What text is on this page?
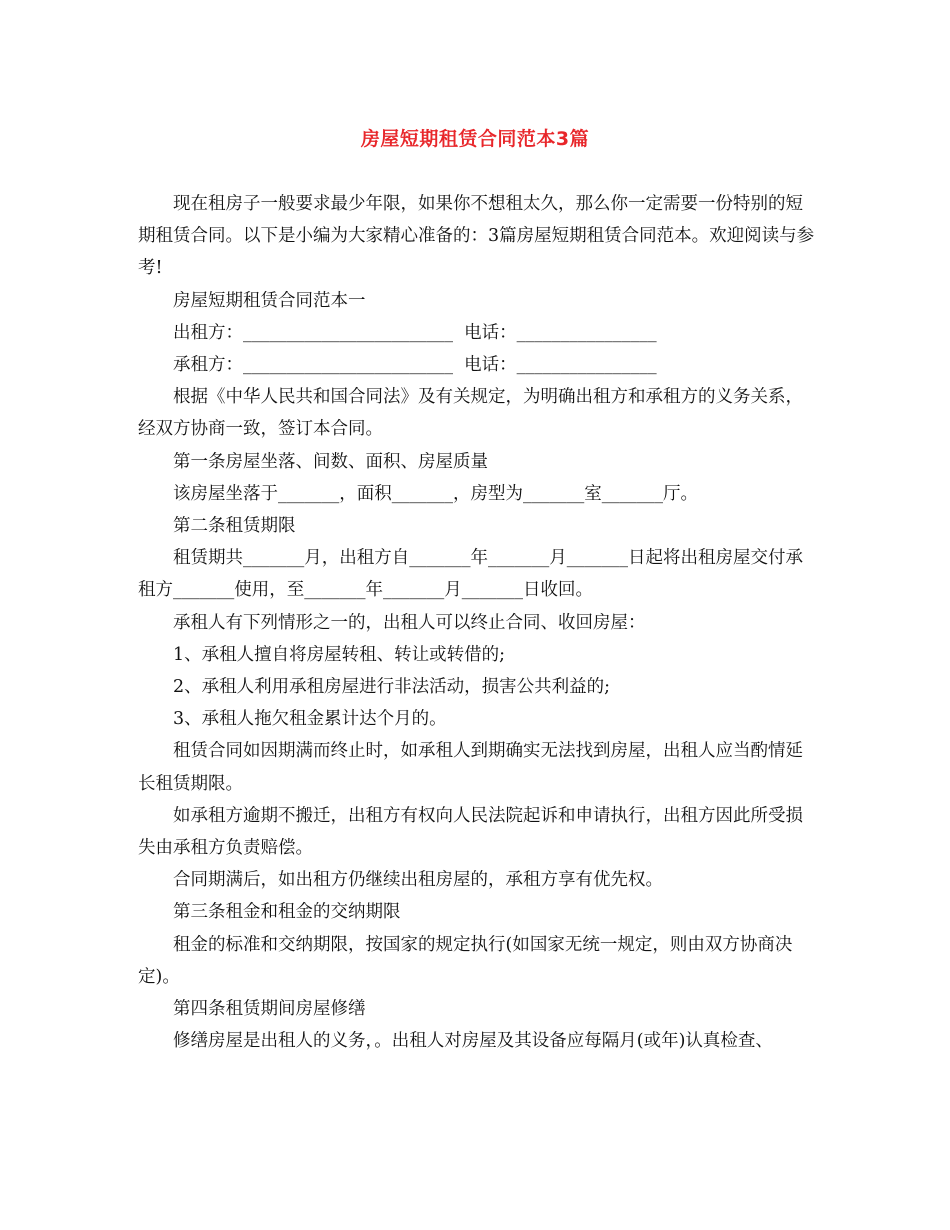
房屋短期租赁合同范本3篇

现在租房子一般要求最少年限，如果你不想租太久，那么你一定需要一份特别的短期租赁合同。以下是小编为大家精心准备的：3篇房屋短期租赁合同范本。欢迎阅读与参考!

房屋短期租赁合同范本一

出租方：________________________  电话：________________

承租方：________________________  电话：________________

根据《中华人民共和国合同法》及有关规定，为明确出租方和承租方的义务关系，经双方协商一致，签订本合同。

第一条房屋坐落、间数、面积、房屋质量

该房屋坐落于_______，面积_______，房型为_______室_______厅。

第二条租赁期限

租赁期共_______月，出租方自_______年_______月_______日起将出租房屋交付承租方_______使用，至_______年_______月_______日收回。

承租人有下列情形之一的，出租人可以终止合同、收回房屋：

1、承租人擅自将房屋转租、转让或转借的;

2、承租人利用承租房屋进行非法活动，损害公共利益的;

3、承租人拖欠租金累计达个月的。

租赁合同如因期满而终止时，如承租人到期确实无法找到房屋，出租人应当酌情延长租赁期限。

如承租方逾期不搬迁，出租方有权向人民法院起诉和申请执行，出租方因此所受损失由承租方负责赔偿。

合同期满后，如出租方仍继续出租房屋的，承租方享有优先权。

第三条租金和租金的交纳期限

租金的标准和交纳期限，按国家的规定执行(如国家无统一规定，则由双方协商决定)。

第四条租赁期间房屋修缮

修缮房屋是出租人的义务，。出租人对房屋及其设备应每隔月(或年)认真检查、
